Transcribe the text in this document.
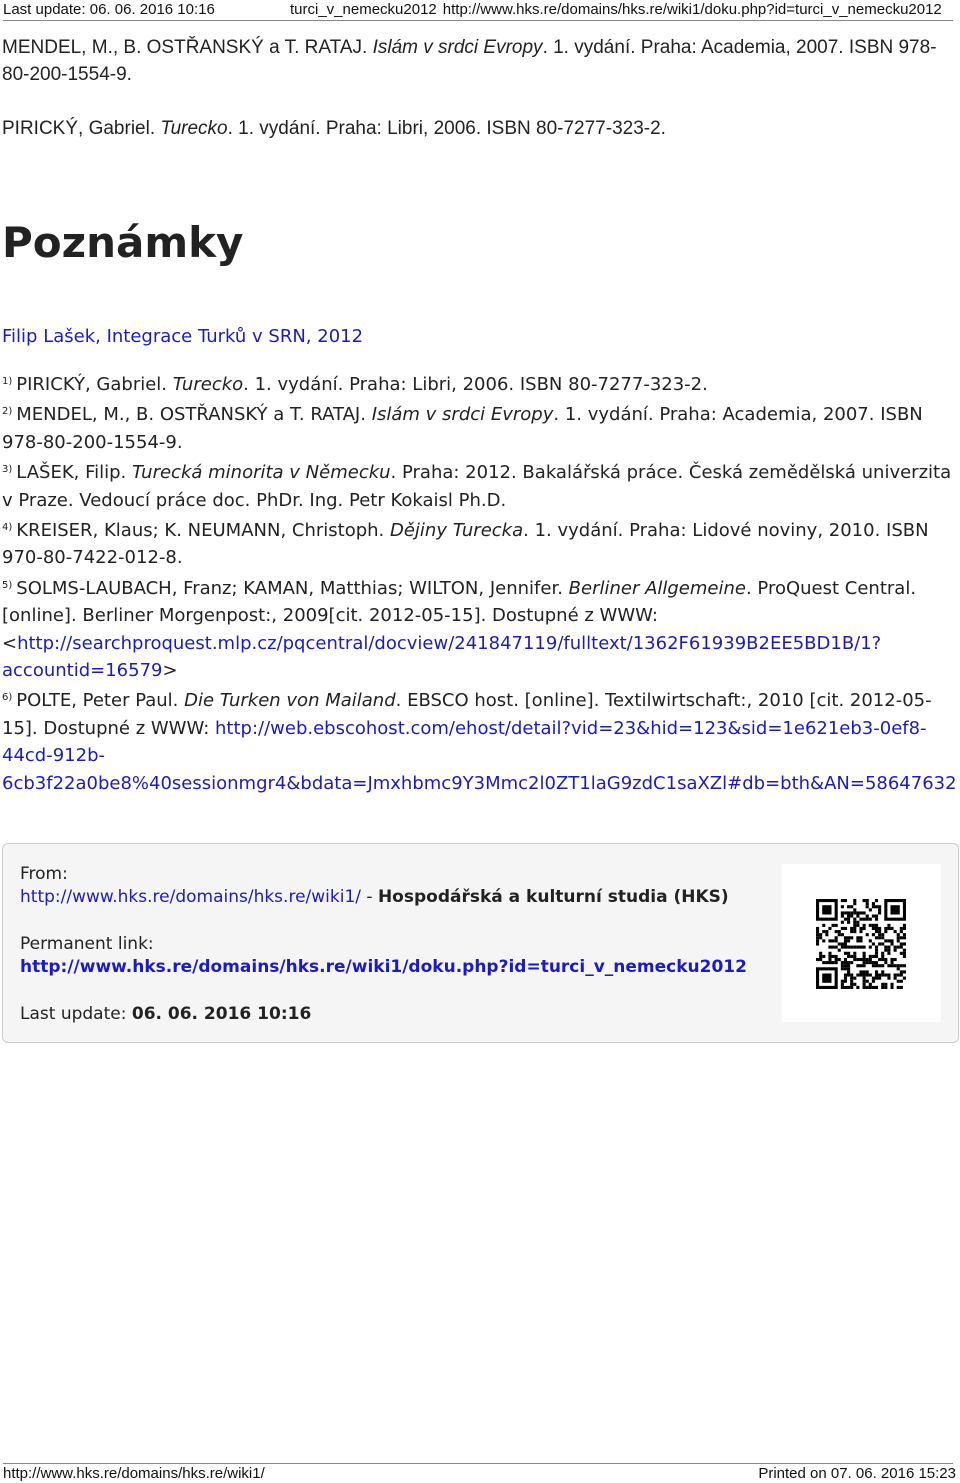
Last update: 06. 06. 2016 10:16	turci_v_nemecku2012 http://www.hks.re/domains/hks.re/wiki1/doku.php?id=turci_v_nemecku2012

MENDEL, M., B. OSTŘANSKÝ a T. RATAJ. Islám v srdci Evropy. 1. vydání. Praha: Academia, 2007. ISBN 978-80-200-1554-9.

PIRICKÝ, Gabriel. Turecko. 1. vydání. Praha: Libri, 2006. ISBN 80-7277-323-2.

Poznámky
Filip Lašek, Integrace Turků v SRN, 2012

$^{1)}$ PIRICKÝ, Gabriel. Turecko. 1. vydání. Praha: Libri, 2006. ISBN 80-7277-323-2.

$^{2)}$ MENDEL, M., B. OSTŘANSKÝ a T. RATAJ. Islám v srdci Evropy. 1. vydání. Praha: Academia, 2007. ISBN 978-80-200-1554-9.

$^{3)}$ LAŠEK, Filip. Turecká minorita v Německu. Praha: 2012. Bakalářská práce. Česká zemědělská univerzita v Praze. Vedoucí práce doc. PhDr. Ing. Petr Kokaisl Ph.D.

$^{4)}$ KREISER, Klaus; K. NEUMANN, Christoph. Dějiny Turecka. 1. vydání. Praha: Lidové noviny, 2010. ISBN 970-80-7422-012-8.

$^{5)}$ SOLMS-LAUBACH, Franz; KAMAN, Matthias; WILTON, Jennifer. Berliner Allgemeine. ProQuest Central. [online]. Berliner Morgenpost:, 2009[cit. 2012-05-15]. Dostupné z WWW: <http://searchproquest.mlp.cz/pqcentral/docview/241847119/fulltext/1362F61939B2EE5BD1B/1?accountid=16579>

$^{6)}$ POLTE, Peter Paul. Die Turken von Mailand. EBSCO host. [online]. Textilwirtschaft:, 2010 [cit. 2012-05-15]. Dostupné z WWW: http://web.ebscohost.com/ehost/detail?vid=23&hid=123&sid=1e621eb3-0ef8-44cd-912b-6cb3f22a0be8%40sessionmgr4&bdata=Jmxhbmc9Y3Mmc2l0ZT1laG9zdC1saXZl#db=bth&AN=58647632

From:

http://www.hks.re/domains/hks.re/wiki1/ - Hospodářská a kulturní studia (HKS)

Permanent link:

http://www.hks.re/domains/hks.re/wiki1/doku.php?id=turci_v_nemecku2012

Last update: 06. 06. 2016 10:16

http://www.hks.re/domains/hks.re/wiki1/	Printed on 07. 06. 2016 15:23
